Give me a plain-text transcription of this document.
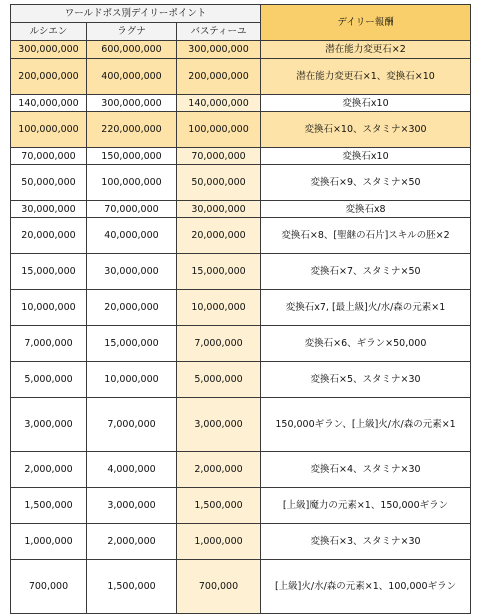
ワールドボス別デイリーポイント			デイリー報酬
ルシエン	ラグナ	バスティーユ	
300,000,000	600,000,000	300,000,000	潜在能力変更石×2
200,000,000	400,000,000	200,000,000	潜在能力変更石×1、変換石×10
140,000,000	300,000,000	140,000,000	変換石x10
100,000,000	220,000,000	100,000,000	変換石×10、スタミナ×300
70,000,000	150,000,000	70,000,000	変換石x10
50,000,000	100,000,000	50,000,000	変換石×9、スタミナ×50
30,000,000	70,000,000	30,000,000	変換石x8
20,000,000	40,000,000	20,000,000	変換石×8、[聖継の石片]スキルの胚×2
15,000,000	30,000,000	15,000,000	変換石×7、スタミナ×50
10,000,000	20,000,000	10,000,000	変換石x7, [最上級]火/水/森の元素×1
7,000,000	15,000,000	7,000,000	変換石×6、ギラン×50,000
5,000,000	10,000,000	5,000,000	変換石×5、スタミナ×30
3,000,000	7,000,000	3,000,000	150,000ギラン、[上級]火/水/森の元素×1
2,000,000	4,000,000	2,000,000	変換石×4、スタミナ×30
1,500,000	3,000,000	1,500,000	[上級]魔力の元素×1、150,000ギラン
1,000,000	2,000,000	1,000,000	変換石×3、スタミナ×30
700,000	1,500,000	700,000	[上級]火/水/森の元素×1、100,000ギラン
